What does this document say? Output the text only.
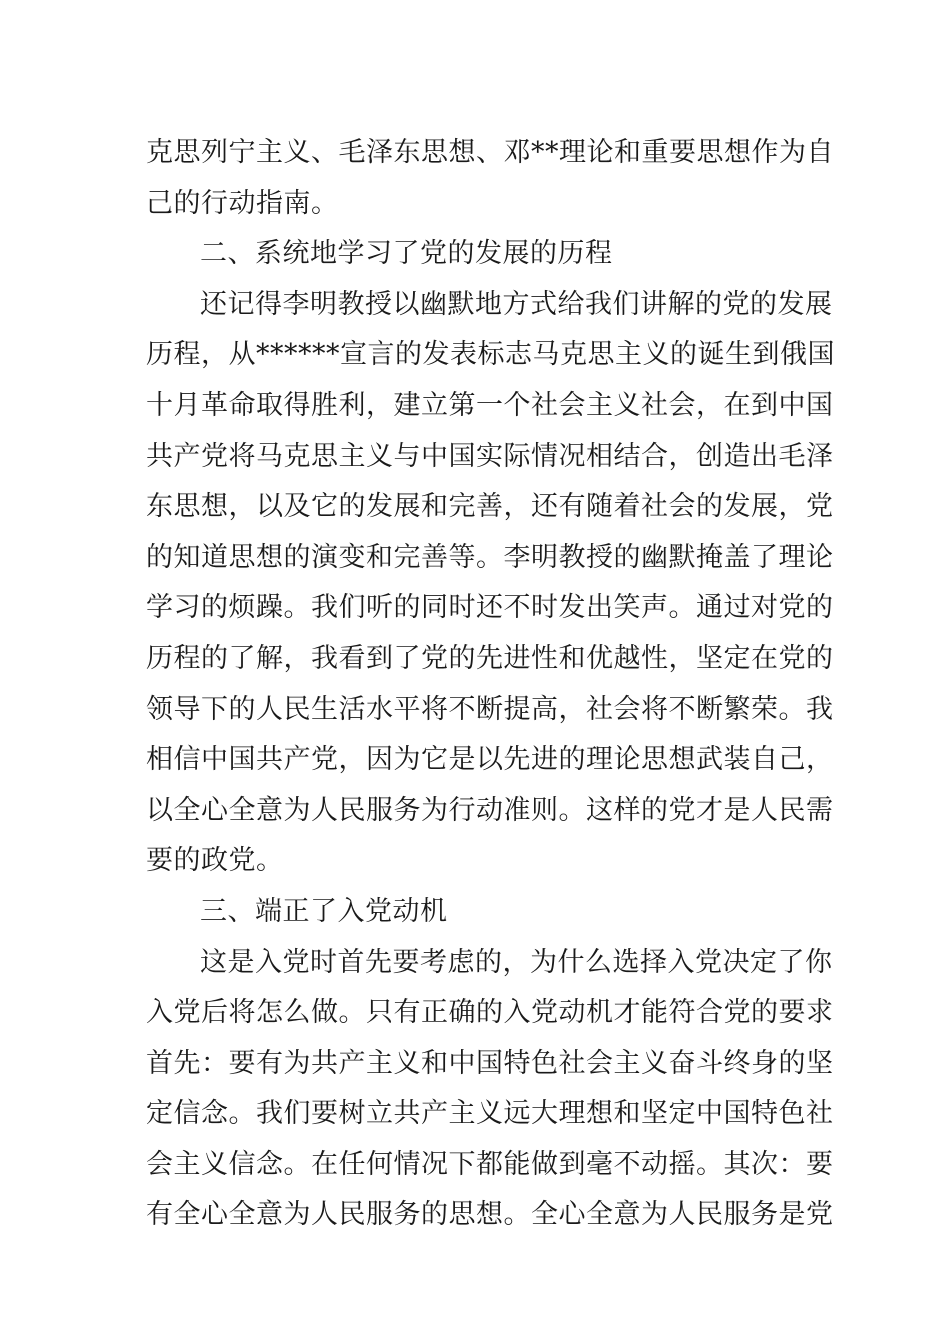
克思列宁主义、毛泽东思想、邓**理论和重要思想作为自
己的行动指南。
二、系统地学习了党的发展的历程
还记得李明教授以幽默地方式给我们讲解的党的发展
历程，从******宣言的发表标志马克思主义的诞生到俄国
十月革命取得胜利，建立第一个社会主义社会，在到中国
共产党将马克思主义与中国实际情况相结合，创造出毛泽
东思想，以及它的发展和完善，还有随着社会的发展，党
的知道思想的演变和完善等。李明教授的幽默掩盖了理论
学习的烦躁。我们听的同时还不时发出笑声。通过对党的
历程的了解，我看到了党的先进性和优越性，坚定在党的
领导下的人民生活水平将不断提高，社会将不断繁荣。我
相信中国共产党，因为它是以先进的理论思想武装自己，
以全心全意为人民服务为行动准则。这样的党才是人民需
要的政党。
三、端正了入党动机
这是入党时首先要考虑的，为什么选择入党决定了你
入党后将怎么做。只有正确的入党动机才能符合党的要求
首先：要有为共产主义和中国特色社会主义奋斗终身的坚
定信念。我们要树立共产主义远大理想和坚定中国特色社
会主义信念。在任何情况下都能做到毫不动摇。其次：要
有全心全意为人民服务的思想。全心全意为人民服务是党
